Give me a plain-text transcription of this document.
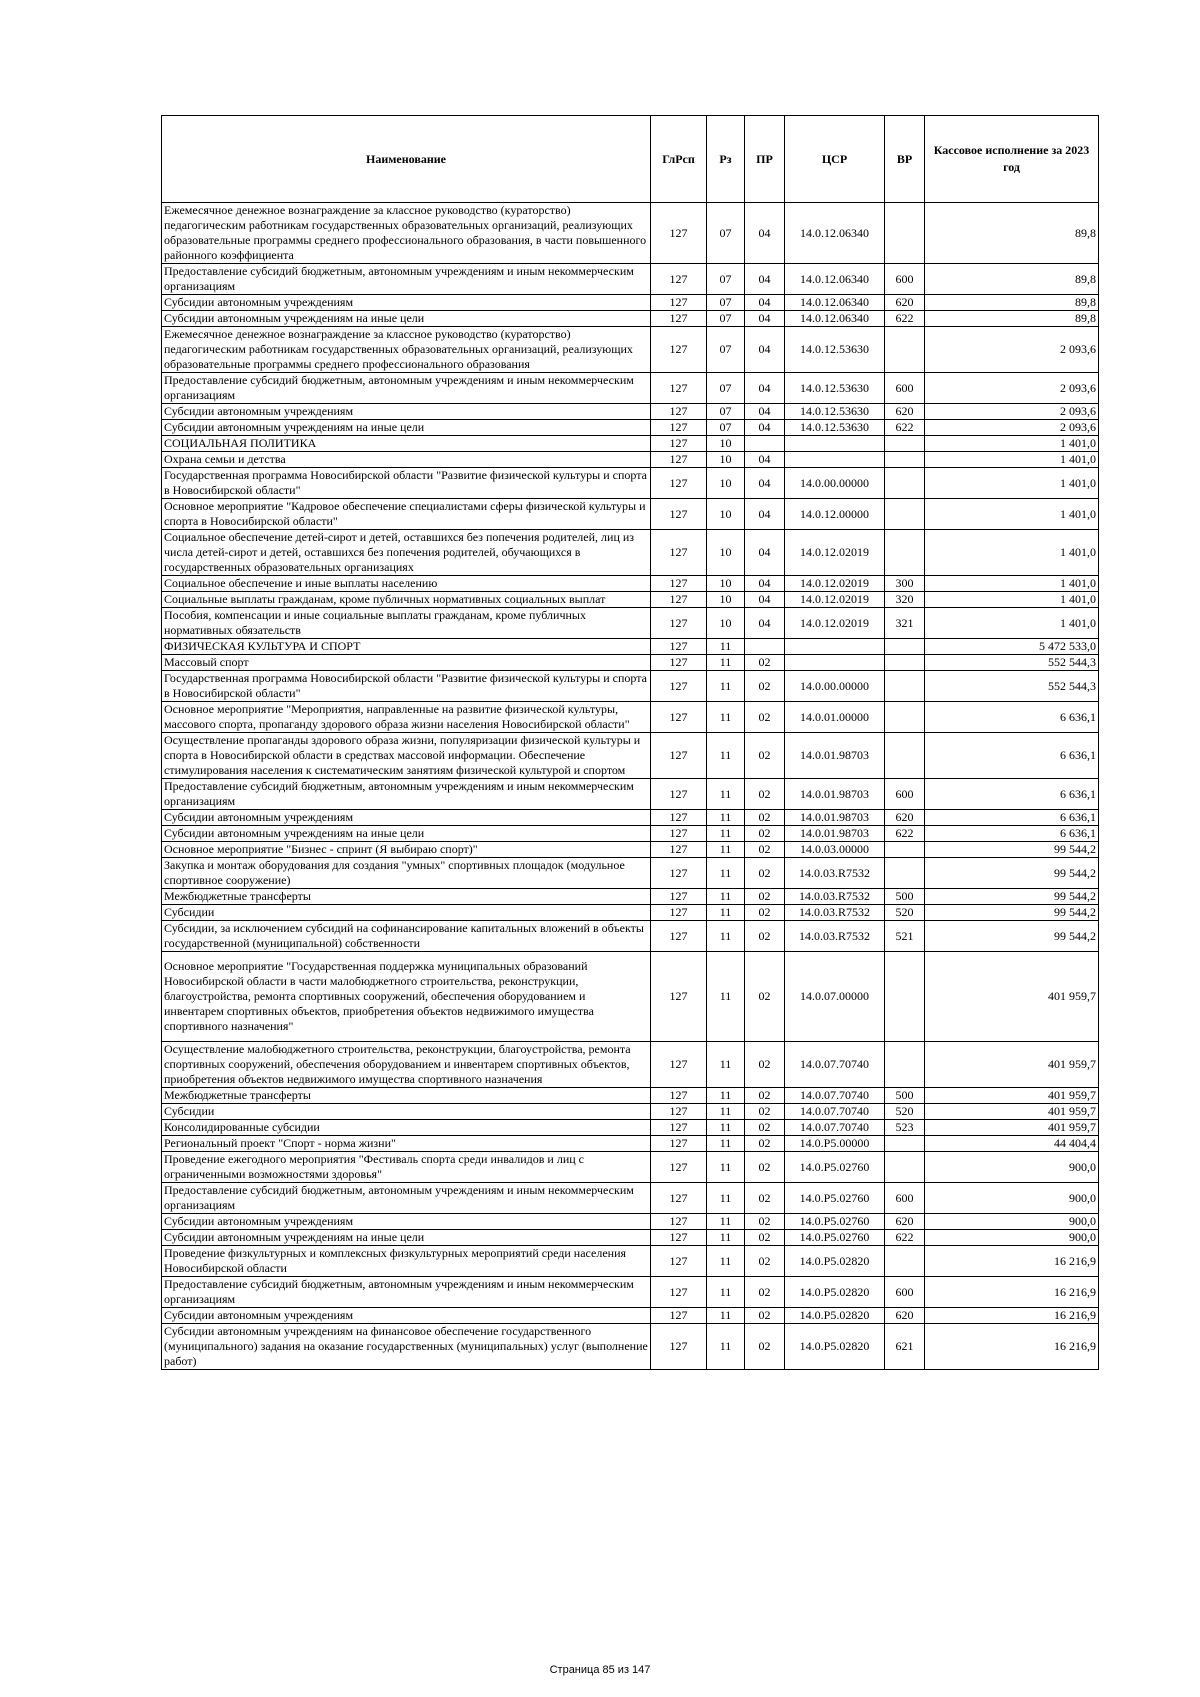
Наименование	ГлРсп	Рз	ПР	ЦСР	ВР	Кассовое исполнение за 2023 год
Ежемесячное денежное вознаграждение за классное руководство (кураторство) педагогическим работникам государственных образовательных организаций, реализующих образовательные программы среднего профессионального образования, в части повышенного районного коэффициента	127	07	04	14.0.12.06340		89,8
Предоставление субсидий бюджетным, автономным учреждениям и иным некоммерческим организациям	127	07	04	14.0.12.06340	600	89,8
Субсидии автономным учреждениям	127	07	04	14.0.12.06340	620	89,8
Субсидии автономным учреждениям на иные цели	127	07	04	14.0.12.06340	622	89,8
Ежемесячное денежное вознаграждение за классное руководство (кураторство) педагогическим работникам государственных образовательных организаций, реализующих образовательные программы среднего профессионального образования	127	07	04	14.0.12.53630		2 093,6
Предоставление субсидий бюджетным, автономным учреждениям и иным некоммерческим организациям	127	07	04	14.0.12.53630	600	2 093,6
Субсидии автономным учреждениям	127	07	04	14.0.12.53630	620	2 093,6
Субсидии автономным учреждениям на иные цели	127	07	04	14.0.12.53630	622	2 093,6
СОЦИАЛЬНАЯ ПОЛИТИКА	127	10				1 401,0
Охрана семьи и детства	127	10	04			1 401,0
Государственная программа Новосибирской области "Развитие физической культуры и спорта в Новосибирской области"	127	10	04	14.0.00.00000		1 401,0
Основное мероприятие "Кадровое обеспечение специалистами сферы физической культуры и спорта в Новосибирской области"	127	10	04	14.0.12.00000		1 401,0
Социальное обеспечение детей-сирот и детей, оставшихся без попечения родителей, лиц из числа детей-сирот и детей, оставшихся без попечения родителей, обучающихся в государственных образовательных организациях	127	10	04	14.0.12.02019		1 401,0
Социальное обеспечение и иные выплаты населению	127	10	04	14.0.12.02019	300	1 401,0
Социальные выплаты гражданам, кроме публичных нормативных социальных выплат	127	10	04	14.0.12.02019	320	1 401,0
Пособия, компенсации и иные социальные выплаты гражданам, кроме публичных нормативных обязательств	127	10	04	14.0.12.02019	321	1 401,0
ФИЗИЧЕСКАЯ КУЛЬТУРА И СПОРТ	127	11				5 472 533,0
Массовый спорт	127	11	02			552 544,3
Государственная программа Новосибирской области "Развитие физической культуры и спорта в Новосибирской области"	127	11	02	14.0.00.00000		552 544,3
Основное мероприятие "Мероприятия, направленные на развитие физической культуры, массового спорта, пропаганду здорового образа жизни населения Новосибирской области"	127	11	02	14.0.01.00000		6 636,1
Осуществление пропаганды здорового образа жизни, популяризации физической культуры и спорта в Новосибирской области в средствах массовой информации. Обеспечение стимулирования населения к систематическим занятиям физической культурой и спортом	127	11	02	14.0.01.98703		6 636,1
Предоставление субсидий бюджетным, автономным учреждениям и иным некоммерческим организациям	127	11	02	14.0.01.98703	600	6 636,1
Субсидии автономным учреждениям	127	11	02	14.0.01.98703	620	6 636,1
Субсидии автономным учреждениям на иные цели	127	11	02	14.0.01.98703	622	6 636,1
Основное мероприятие "Бизнес - спринт (Я выбираю спорт)"	127	11	02	14.0.03.00000		99 544,2
Закупка и монтаж оборудования для создания "умных" спортивных площадок (модульное спортивное сооружение)	127	11	02	14.0.03.R7532		99 544,2
Межбюджетные трансферты	127	11	02	14.0.03.R7532	500	99 544,2
Субсидии	127	11	02	14.0.03.R7532	520	99 544,2
Субсидии, за исключением субсидий на софинансирование капитальных вложений в объекты государственной (муниципальной) собственности	127	11	02	14.0.03.R7532	521	99 544,2
Основное мероприятие "Государственная поддержка муниципальных образований Новосибирской области в части малобюджетного строительства, реконструкции, благоустройства, ремонта спортивных сооружений, обеспечения оборудованием и инвентарем спортивных объектов, приобретения объектов недвижимого имущества спортивного назначения"	127	11	02	14.0.07.00000		401 959,7
Осуществление малобюджетного строительства, реконструкции, благоустройства, ремонта спортивных сооружений, обеспечения оборудованием и инвентарем спортивных объектов, приобретения объектов недвижимого имущества спортивного назначения	127	11	02	14.0.07.70740		401 959,7
Межбюджетные трансферты	127	11	02	14.0.07.70740	500	401 959,7
Субсидии	127	11	02	14.0.07.70740	520	401 959,7
Консолидированные субсидии	127	11	02	14.0.07.70740	523	401 959,7
Региональный проект "Спорт - норма жизни"	127	11	02	14.0.P5.00000		44 404,4
Проведение ежегодного мероприятия "Фестиваль спорта среди инвалидов и лиц с ограниченными возможностями здоровья"	127	11	02	14.0.P5.02760		900,0
Предоставление субсидий бюджетным, автономным учреждениям и иным некоммерческим организациям	127	11	02	14.0.P5.02760	600	900,0
Субсидии автономным учреждениям	127	11	02	14.0.P5.02760	620	900,0
Субсидии автономным учреждениям на иные цели	127	11	02	14.0.P5.02760	622	900,0
Проведение физкультурных и комплексных физкультурных мероприятий среди населения Новосибирской области	127	11	02	14.0.P5.02820		16 216,9
Предоставление субсидий бюджетным, автономным учреждениям и иным некоммерческим организациям	127	11	02	14.0.P5.02820	600	16 216,9
Субсидии автономным учреждениям	127	11	02	14.0.P5.02820	620	16 216,9
Субсидии автономным учреждениям на финансовое обеспечение государственного (муниципального) задания на оказание государственных (муниципальных) услуг (выполнение работ)	127	11	02	14.0.P5.02820	621	16 216,9
Страница 85 из 147
